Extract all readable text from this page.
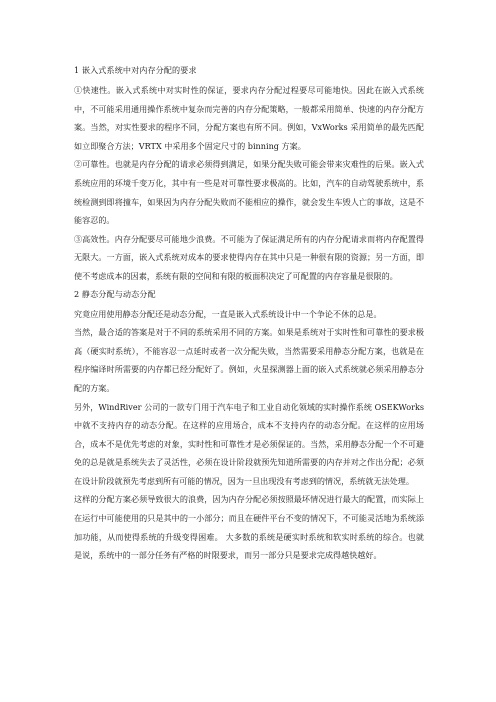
1 嵌入式系统中对内存分配的要求

①快速性。嵌入式系统中对实时性的保证，要求内存分配过程要尽可能地快。因此在嵌入式系统中，不可能采用通用操作系统中复杂而完善的内存分配策略，一般都采用简单、快速的内存分配方案。当然，对实性要求的程序不同，分配方案也有所不同。例如，VxWorks 采用简单的最先匹配如立即聚合方法；VRTX 中采用多个固定尺寸的 binning 方案。

②可靠性。也就是内存分配的请求必须得到满足，如果分配失败可能会带来灾难性的后果。嵌入式系统应用的环境千变万化，其中有一些是对可靠性要求极高的。比如，汽车的自动驾驶系统中，系统检测到即将撞车，如果因为内存分配失败而不能相应的操作，就会发生车毁人亡的事故，这是不能容忍的。

③高效性。内存分配要尽可能地少浪费。不可能为了保证满足所有的内存分配请求而将内存配置得无限大。一方面，嵌入式系统对成本的要求使得内存在其中只是一种很有限的资源；另一方面，即使不考虑成本的因素，系统有限的空间和有限的板面积决定了可配置的内存容量是很限的。

2 静态分配与动态分配

究竟应用使用静态分配还是动态分配，一直是嵌入式系统设计中一个争论不休的总是。

当然，最合适的答案是对于不同的系统采用不同的方案。如果是系统对于实时性和可靠性的要求极高（硬实时系统），不能容忍一点延时或者一次分配失败，当然需要采用静态分配方案，也就是在程序编译时所需要的内存都已经分配好了。例如，火星探测器上面的嵌入式系统就必须采用静态分配的方案。

另外，WindRiver 公司的一款专门用于汽车电子和工业自动化领域的实时操作系统 OSEKWorks 中就不支持内存的动态分配。在这样的应用场合，成本不支持内存的动态分配。在这样的应用场合，成本不是优先考虑的对象，实时性和可靠性才是必须保证的。当然，采用静态分配一个不可避免的总是就是系统失去了灵活性，必须在设计阶段就预先知道所需要的内存并对之作出分配；必须在设计阶段就预先考虑到所有可能的情况，因为一旦出现没有考虑到的情况，系统就无法处理。

这样的分配方案必须导致很大的浪费，因为内存分配必须按照最坏情况进行最大的配置，而实际上在运行中可能使用的只是其中的一小部分；而且在硬件平台不变的情况下，不可能灵活地为系统添加功能，从而使得系统的升级变得困难。 大多数的系统是硬实时系统和软实时系统的综合。也就是说，系统中的一部分任务有严格的时限要求，而另一部分只是要求完成得越快越好。
